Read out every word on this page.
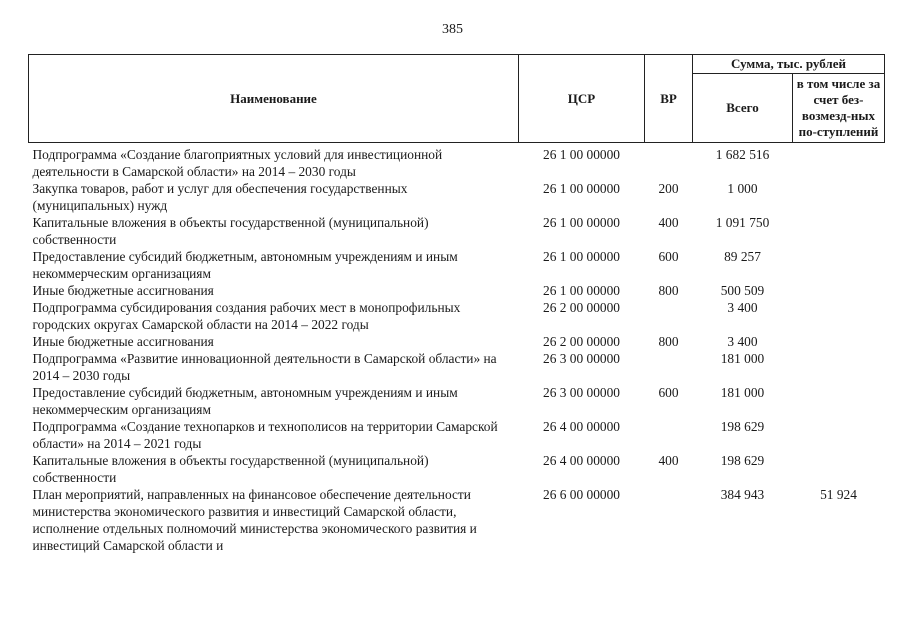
385
Наименование	ЦСР	ВР	Сумма, тыс. рублей	
			Всего	в том числе за счет без-возмезд-ных по-ступлений
Подпрограмма «Создание благоприятных условий для инвестиционной деятельности в Самарской области» на 2014 – 2030 годы	26 1 00 00000		1 682 516	
Закупка товаров, работ и услуг для обеспечения государственных (муниципальных) нужд	26 1 00 00000	200	1 000	
Капитальные вложения в объекты государственной (муниципальной) собственности	26 1 00 00000	400	1 091 750	
Предоставление субсидий бюджетным, автономным учреждениям и иным некоммерческим организациям	26 1 00 00000	600	89 257	
Иные бюджетные ассигнования	26 1 00 00000	800	500 509	
Подпрограмма субсидирования создания рабочих мест в монопрофильных городских округах Самарской области на 2014 – 2022 годы	26 2 00 00000		3 400	
Иные бюджетные ассигнования	26 2 00 00000	800	3 400	
Подпрограмма «Развитие инновационной деятельности в Самарской области» на 2014 – 2030 годы	26 3 00 00000		181 000	
Предоставление субсидий бюджетным, автономным учреждениям и иным некоммерческим организациям	26 3 00 00000	600	181 000	
Подпрограмма «Создание технопарков и технополисов на территории Самарской области» на 2014 – 2021 годы	26 4 00 00000		198 629	
Капитальные вложения в объекты государственной (муниципальной) собственности	26 4 00 00000	400	198 629	
План мероприятий, направленных на финансовое обеспечение деятельности министерства экономического развития и инвестиций Самарской области, исполнение отдельных полномочий министерства экономического развития и инвестиций Самарской области и	26 6 00 00000		384 943	51 924
